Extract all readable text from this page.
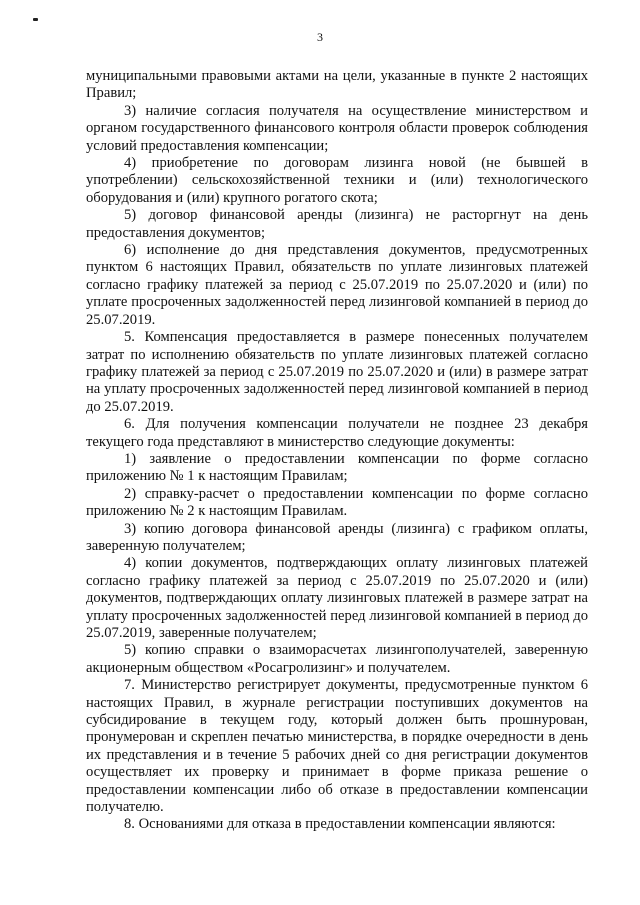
3

муниципальными правовыми актами на цели, указанные в пункте 2 настоящих Правил;

3) наличие согласия получателя на осуществление министерством и органом государственного финансового контроля области проверок соблюдения условий предоставления компенсации;

4) приобретение по договорам лизинга новой (не бывшей в употреблении) сельскохозяйственной техники и (или) технологического оборудования и (или) крупного рогатого скота;

5) договор финансовой аренды (лизинга) не расторгнут на день предоставления документов;

6) исполнение до дня представления документов, предусмотренных пунктом 6 настоящих Правил, обязательств по уплате лизинговых платежей согласно графику платежей за период с 25.07.2019 по 25.07.2020 и (или) по уплате просроченных задолженностей перед лизинговой компанией в период до 25.07.2019.

5. Компенсация предоставляется в размере понесенных получателем затрат по исполнению обязательств по уплате лизинговых платежей согласно графику платежей за период с 25.07.2019 по 25.07.2020 и (или) в размере затрат на уплату просроченных задолженностей перед лизинговой компанией в период до 25.07.2019.

6. Для получения компенсации получатели не позднее 23 декабря текущего года представляют в министерство следующие документы:

1) заявление о предоставлении компенсации по форме согласно приложению № 1 к настоящим Правилам;

2) справку-расчет о предоставлении компенсации по форме согласно приложению № 2 к настоящим Правилам.

3) копию договора финансовой аренды (лизинга) с графиком оплаты, заверенную получателем;

4) копии документов, подтверждающих оплату лизинговых платежей согласно графику платежей за период с 25.07.2019 по 25.07.2020 и (или) документов, подтверждающих оплату лизинговых платежей в размере затрат на уплату просроченных задолженностей перед лизинговой компанией в период до 25.07.2019, заверенные получателем;

5) копию справки о взаиморасчетах лизингополучателей, заверенную акционерным обществом «Росагролизинг» и получателем.

7. Министерство регистрирует документы, предусмотренные пунктом 6 настоящих Правил, в журнале регистрации поступивших документов на субсидирование в текущем году, который должен быть прошнурован, пронумерован и скреплен печатью министерства, в порядке очередности в день их представления и в течение 5 рабочих дней со дня регистрации документов осуществляет их проверку и принимает в форме приказа решение о предоставлении компенсации либо об отказе в предоставлении компенсации получателю.

8. Основаниями для отказа в предоставлении компенсации являются:
